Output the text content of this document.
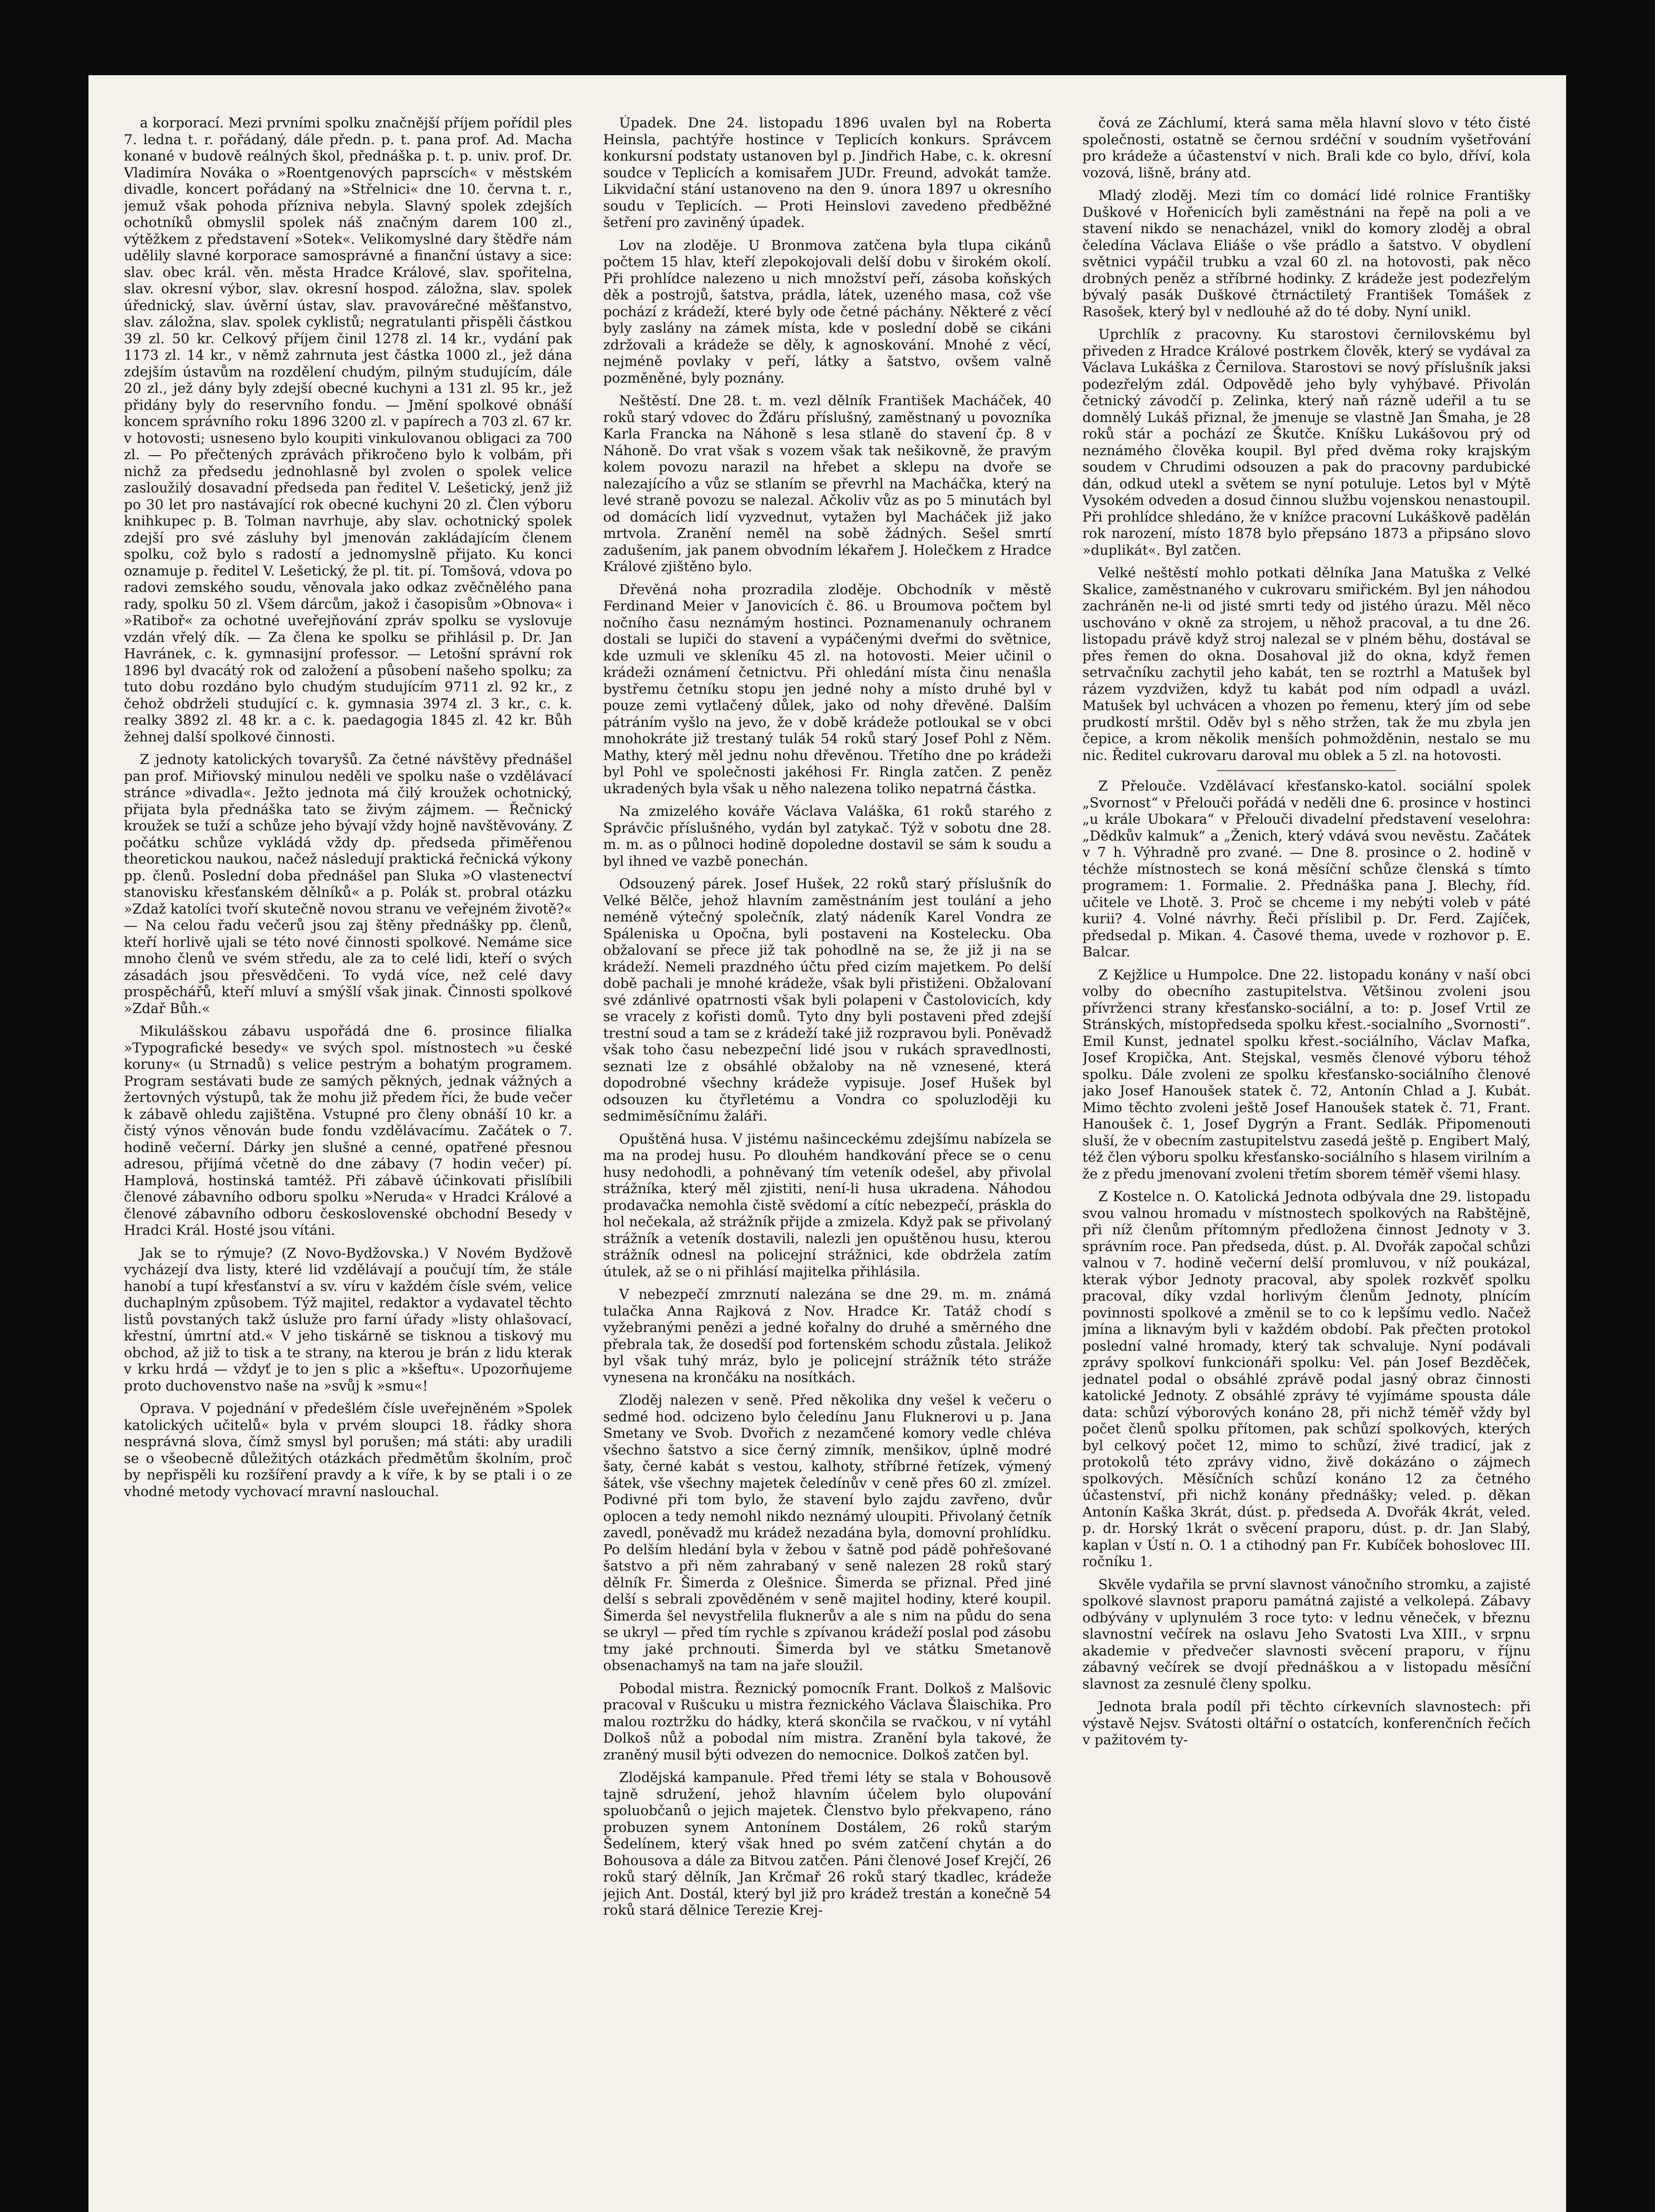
a korporací. Mezi prvními spolku značnější příjem pořídil ples 7. ledna t. r. pořádaný, dále předn. p. t. pana prof. Ad. Macha konané v budově reálných škol, přednáška p. t. p. univ. prof. Dr. Vladimíra Nováka o »Roentgenových paprscích« v městském divadle, koncert pořádaný na »Střelnici« dne 10. června t. r., jemuž však pohoda přízniva nebyla. Slavný spolek zdejších ochotníků obmyslil spolek náš značným darem 100 zl., výtěžkem z představení »Sotek«. Velikomyslné dary štědře nám udělily slavné korporace samosprávné a finanční ústavy a sice: slav. obec král. věn. města Hradce Králové, slav. spořitelna, slav. okresní výbor, slav. okresní hospod. záložna, slav. spolek úřednický, slav. úvěrní ústav, slav. pravovárečné měšťanstvo, slav. záložna, slav. spolek cyklistů; negratulanti přispěli částkou 39 zl. 50 kr. Celkový příjem činil 1278 zl. 14 kr., vydání pak 1173 zl. 14 kr., v němž zahrnuta jest částka 1000 zl., jež dána zdejším ústavům na rozdělení chudým, pilným studujícím, dále 20 zl., jež dány byly zdejší obecné kuchyni a 131 zl. 95 kr., jež přidány byly do reservního fondu. — Jmění spolkové obnáší koncem správního roku 1896 3200 zl. v papírech a 703 zl. 67 kr. v hotovosti; usneseno bylo koupiti vinkulovanou obligaci za 700 zl. — Po přečtených zprávách přikročeno bylo k volbám, při nichž za předsedu jednohlasně byl zvolen o spolek velice zasloužilý dosavadní předseda pan ředitel V. Lešetický, jenž již po 30 let pro nastávající rok obecné kuchyni 20 zl. Člen výboru knihkupec p. B. Tolman navrhuje, aby slav. ochotnický spolek zdejší pro své zásluhy byl jmenován zakládajícím členem spolku, což bylo s radostí a jednomyslně přijato. Ku konci oznamuje p. ředitel V. Lešetický, že pl. tit. pí. Tomšová, vdova po radovi zemského soudu, věnovala jako odkaz zvěčnělého pana rady, spolku 50 zl. Všem dárcům, jakož i časopisům »Obnova« i »Ratiboř« za ochotné uveřejňování zpráv spolku se vyslovuje vzdán vřelý dík. — Za člena ke spolku se přihlásil p. Dr. Jan Havránek, c. k. gymnasijní professor. — Letošní správní rok 1896 byl dvacátý rok od založení a působení našeho spolku; za tuto dobu rozdáno bylo chudým studujícím 9711 zl. 92 kr., z čehož obdrželi studující c. k. gymnasia 3974 zl. 3 kr., c. k. realky 3892 zl. 48 kr. a c. k. paedagogia 1845 zl. 42 kr. Bůh žehnej další spolkové činnosti.

Z jednoty katolických tovaryšů. Za četné návštěvy přednášel pan prof. Miřiovský minulou neděli ve spolku naše o vzdělávací stránce »divadla«. Ježto jednota má čilý kroužek ochotnický, přijata byla přednáška tato se živým zájmem. — Řečnický kroužek se tuží a schůze jeho bývají vždy hojně navštěvovány. Z počátku schůze vykládá vždy dp. předseda přiměřenou theoretickou naukou, načež následují praktická řečnická výkony pp. členů. Poslední doba přednášel pan Sluka »O vlastenectví stanovisku křesťanském dělníků« a p. Polák st. probral otázku »Zdaž katolíci tvoří skutečně novou stranu ve veřejném životě?« — Na celou řadu večerů jsou zaj štěny přednášky pp. členů, kteří horlivě ujali se této nové činnosti spolkové. Nemáme sice mnoho členů ve svém středu, ale za to celé lidi, kteří o svých zásadách jsou přesvědčeni. To vydá více, než celé davy prospěchářů, kteří mluví a smýšlí však jinak. Činnosti spolkové »Zdař Bůh.«

Mikulášskou zábavu uspořádá dne 6. prosince filialka »Typografické besedy« ve svých spol. místnostech »u české koruny« (u Strnadů) s velice pestrým a bohatým programem. Program sestávati bude ze samých pěkných, jednak vážných a žertovných výstupů, tak že mohu již předem říci, že bude večer k zábavě ohledu zajištěna. Vstupné pro členy obnáší 10 kr. a čistý výnos věnován bude fondu vzdělávacímu. Začátek o 7. hodině večerní. Dárky jen slušné a cenné, opatřené přesnou adresou, přijímá včetně do dne zábavy (7 hodin večer) pí. Hamplová, hostinská tamtéž. Při zábavě účinkovati přislíbili členové zábavního odboru spolku »Neruda« v Hradci Králové a členové zábavního odboru československé obchodní Besedy v Hradci Král. Hosté jsou vítáni.

Jak se to rýmuje? (Z Novo-Bydžovska.) V Novém Bydžově vycházejí dva listy, které lid vzdělávají a poučují tím, že stále hanobí a tupí křesťanství a sv. víru v každém čísle svém, velice duchaplným způsobem. Týž majitel, redaktor a vydavatel těchto listů povstaných takž úsluže pro farní úřady »listy ohlašovací, křestní, úmrtní atd.« V jeho tiskárně se tisknou a tiskový mu obchod, až již to tisk a te strany, na kterou je brán z lidu kterak v krku hrdá — vždyť je to jen s plic a »kšeftu«. Upozorňujeme proto duchovenstvo naše na »svůj k »smu«!

Oprava. V pojednání v předešlém čísle uveřejněném »Spolek katolických učitelů« byla v prvém sloupci 18. řádky shora nesprávná slova, čímž smysl byl porušen; má státi: aby uradili se o všeobecně důležitých otázkách předmětům školním, proč by nepřispěli ku rozšíření pravdy a k víře, k by se ptali i o ze vhodné metody vychovací mravní naslouchal.

Úpadek. Dne 24. listopadu 1896 uvalen byl na Roberta Heinsla, pachtýře hostince v Teplicích konkurs. Správcem konkursní podstaty ustanoven byl p. Jindřich Habe, c. k. okresní soudce v Teplicích a komisařem JUDr. Freund, advokát tamže. Likvidační stání ustanoveno na den 9. února 1897 u okresního soudu v Teplicích. — Proti Heinslovi zavedeno předběžné šetření pro zaviněný úpadek.

Lov na zloděje. U Bronmova zatčena byla tlupa cikánů počtem 15 hlav, kteří zlepokojovali delší dobu v širokém okolí. Při prohlídce nalezeno u nich množství peří, zásoba koňských děk a postrojů, šatstva, prádla, látek, uzeného masa, což vše pochází z krádeží, které byly ode četné páchány. Některé z věcí byly zaslány na zámek místa, kde v poslední době se cikáni zdržovali a krádeže se děly, k agnoskování. Mnohé z věcí, nejméně povlaky v peří, látky a šatstvo, ovšem valně pozměněné, byly poznány.

Neštěstí. Dne 28. t. m. vezl dělník František Macháček, 40 roků starý vdovec do Žďáru příslušný, zaměstnaný u povozníka Karla Francka na Náhoně s lesa stlaně do stavení čp. 8 v Náhoně. Do vrat však s vozem však tak nešikovně, že pravým kolem povozu narazil na hřebet a sklepu na dvoře se nalezajícího a vůz se stlaním se převrhl na Macháčka, který na levé straně povozu se nalezal. Ačkoliv vůz as po 5 minutách byl od domácích lidí vyzvednut, vytažen byl Macháček již jako mrtvola. Zranění neměl na sobě žádných. Sešel smrtí zadušením, jak panem obvodním lékařem J. Holečkem z Hradce Králové zjištěno bylo.

Dřevěná noha prozradila zloděje. Obchodník v městě Ferdinand Meier v Janovicích č. 86. u Broumova počtem byl nočního času neznámým hostinci. Poznamenanuly ochranem dostali se lupiči do stavení a vypáčenými dveřmi do světnice, kde uzmuli ve skleníku 45 zl. na hotovosti. Meier učinil o krádeži oznámení četnictvu. Při ohledání místa činu nenašla bystřemu četníku stopu jen jedné nohy a místo druhé byl v pouze zemi vytlačený důlek, jako od nohy dřevěné. Dalším pátráním vyšlo na jevo, že v době krádeže potloukal se v obci mnohokráte již trestaný tulák 54 roků starý Josef Pohl z Něm. Mathy, který měl jednu nohu dřevěnou. Třetího dne po krádeži byl Pohl ve společnosti jakéhosi Fr. Ringla zatčen. Z peněz ukradených byla však u něho nalezena toliko nepatrná částka.

Na zmizelého kováře Václava Valáška, 61 roků starého z Správčic příslušného, vydán byl zatykač. Týž v sobotu dne 28. m. m. as o půlnoci hodině dopoledne dostavil se sám k soudu a byl ihned ve vazbě ponechán.

Odsouzený párek. Josef Hušek, 22 roků starý příslušník do Velké Bělče, jehož hlavním zaměstnáním jest toulání a jeho neméně výtečný společník, zlatý nádeník Karel Vondra ze Spáleniska u Opočna, byli postaveni na Kostelecku. Oba obžalovaní se přece již tak pohodlně na se, že již ji na se krádeží. Nemeli prazdného účtu před cizím majetkem. Po delší době pachali je mnohé krádeže, však byli přistiženi. Obžalovaní své zdánlivé opatrnosti však byli polapeni v Častolovicích, kdy se vracely z kořisti domů. Tyto dny byli postaveni před zdejší trestní soud a tam se z krádeží také již rozpravou byli. Poněvadž však toho času nebezpeční lidé jsou v rukách spravedlnosti, seznati lze z obsáhlé obžaloby na ně vznesené, která dopodrobné všechny krádeže vypisuje. Josef Hušek byl odsouzen ku čtyřletému a Vondra co spoluzloději ku sedmiměsíčnímu žaláři.

Opuštěná husa. V jistému našinceckému zdejšímu nabízela se ma na prodej husu. Po dlouhém handkování přece se o cenu husy nedohodli, a pohněvaný tím veteník odešel, aby přivolal strážníka, který měl zjistiti, není-li husa ukradena. Náhodou prodavačka nemohla čistě svědomí a cítíc nebezpečí, práskla do hol nečekala, až strážník přijde a zmizela. Když pak se přivolaný strážník a veteník dostavili, nalezli jen opuštěnou husu, kterou strážník odnesl na policejní strážnici, kde obdržela zatím útulek, až se o ni přihlásí majitelka přihlásila.

V nebezpečí zmrznutí nalezána se dne 29. m. m. známá tulačka Anna Rajková z Nov. Hradce Kr. Tatáž chodí s vyžebranými penězi a jedné kořalny do druhé a směrného dne přebrala tak, že dosedší pod fortenském schodu zůstala. Jelikož byl však tuhý mráz, bylo je policejní strážník této stráže vynesena na krončáku na nosítkách.

Zloděj nalezen v seně. Před několika dny vešel k večeru o sedmé hod. odcizeno bylo čeledínu Janu Fluknerovi u p. Jana Smetany ve Svob. Dvořich z nezamčené komory vedle chléva všechno šatstvo a sice černý zimník, menšikov, úplně modré šaty, černé kabát s vestou, kalhoty, stříbrné řetízek, výmený šátek, vše všechny majetek čeledínův v ceně přes 60 zl. zmízel. Podivné při tom bylo, že stavení bylo zajdu zavřeno, dvůr oplocen a tedy nemohl nikdo neznámý uloupiti. Přivolaný četník zavedl, poněvadž mu krádež nezadána byla, domovní prohlídku. Po delším hledání byla v žebou v šatně pod pádě pohřešované šatstvo a při něm zahrabaný v seně nalezen 28 roků starý dělník Fr. Šimerda z Olešnice. Šimerda se přiznal. Před jiné delší s sebrali zpověděném v seně majitel hodiny, které koupil. Šimerda šel nevystřelila fluknerův a ale s nim na půdu do sena se ukryl — před tím rychle s zpívanou krádeží poslal pod zásobu tmy jaké prchnouti. Šimerda byl ve státku Smetanově obsenachamyš na tam na jaře sloužil.

Pobodal mistra. Řeznický pomocník Frant. Dolkoš z Malšovic pracoval v Rušcuku u mistra řeznického Václava Šlaischika. Pro malou roztržku do hádky, která skončila se rvačkou, v ní vytáhl Dolkoš nůž a pobodal ním mistra. Zranění byla takové, že zraněný musil býti odvezen do nemocnice. Dolkoš zatčen byl.

Zlodějská kampanule. Před třemi léty se stala v Bohousově tajně sdružení, jehož hlavním účelem bylo olupování spoluobčanů o jejich majetek. Členstvo bylo překvapeno, ráno probuzen synem Antonínem Dostálem, 26 roků starým Šedelínem, který však hned po svém zatčení chytán a do Bohousova a dále za Bitvou zatčen. Páni členové Josef Krejčí, 26 roků starý dělník, Jan Krčmař 26 roků starý tkadlec, krádeže jejich Ant. Dostál, který byl již pro krádež trestán a konečně 54 roků stará dělnice Terezie Krej-

čová ze Záchlumí, která sama měla hlavní slovo v této čisté společnosti, ostatně se černou srdéční v soudním vyšetřování pro krádeže a účastenství v nich. Brali kde co bylo, dříví, kola vozová, lišně, brány atd.

Mladý zloděj. Mezi tím co domácí lidé rolnice Františky Duškové v Hořenicích byli zaměstnáni na řepě na poli a ve stavení nikdo se nenacházel, vnikl do komory zloděj a obral čeledína Václava Eliáše o vše prádlo a šatstvo. V obydlení světnici vypáčil trubku a vzal 60 zl. na hotovosti, pak něco drobných peněz a stříbrné hodinky. Z krádeže jest podezřelým bývalý pasák Duškové čtrnáctiletý František Tomášek z Rasošek, který byl v nedlouhé až do té doby. Nyní unikl.

Uprchlík z pracovny. Ku starostovi černilovskému byl přiveden z Hradce Králové postrkem člověk, který se vydával za Václava Lukáška z Černilova. Starostovi se nový příslušník jaksi podezřelým zdál. Odpovědě jeho byly vyhýbavé. Přivolán četnický závodčí p. Zelinka, který naň rázně udeřil a tu se domnělý Lukáš přiznal, že jmenuje se vlastně Jan Šmaha, je 28 roků stár a pochází ze Škutče. Kníšku Lukášovou prý od neznámého člověka koupil. Byl před dvěma roky krajským soudem v Chrudimi odsouzen a pak do pracovny pardubické dán, odkud utekl a světem se nyní potuluje. Letos byl v Mýtě Vysokém odveden a dosud činnou službu vojenskou nenastoupil. Při prohlídce shledáno, že v knížce pracovní Lukáškově padělán rok narození, místo 1878 bylo přepsáno 1873 a připsáno slovo »duplikát«. Byl zatčen.

Velké neštěstí mohlo potkati dělníka Jana Matuška z Velké Skalice, zaměstnaného v cukrovaru smiřickém. Byl jen náhodou zachráněn ne-li od jisté smrti tedy od jistého úrazu. Měl něco uschováno v okně za strojem, u něhož pracoval, a tu dne 26. listopadu právě když stroj nalezal se v plném běhu, dostával se přes řemen do okna. Dosahoval již do okna, když řemen setrvačníku zachytil jeho kabát, ten se roztrhl a Matušek byl rázem vyzdvižen, když tu kabát pod ním odpadl a uvázl. Matušek byl uchvácen a vhozen po řemenu, který jím od sebe prudkostí mrštil. Oděv byl s něho stržen, tak že mu zbyla jen čepice, a krom několik menších pohmožděnin, nestalo se mu nic. Ředitel cukrovaru daroval mu oblek a 5 zl. na hotovosti.

Z Přelouče. Vzdělávací křesťansko-katol. sociální spolek „Svornost“ v Přelouči pořádá v neděli dne 6. prosince v hostinci „u krále Ubokara“ v Přelouči divadelní představení veselohra: „Dědkův kalmuk“ a „Ženich, který vdává svou nevěstu. Začátek v 7 h. Výhradně pro zvané. — Dne 8. prosince o 2. hodině v téchže místnostech se koná měsíční schůze členská s tímto programem: 1. Formalie. 2. Přednáška pana J. Blechy, říd. učitele ve Lhotě. 3. Proč se chceme i my nebýti voleb v páté kurii? 4. Volné návrhy. Řeči příslibil p. Dr. Ferd. Zajíček, předsedal p. Mikan. 4. Časové thema, uvede v rozhovor p. E. Balcar.

Z Kejžlice u Humpolce. Dne 22. listopadu konány v naší obci volby do obecního zastupitelstva. Většinou zvoleni jsou přívrženci strany křesťansko-sociální, a to: p. Josef Vrtil ze Stránských, místopředseda spolku křest.-socialního „Svornosti“. Emil Kunst, jednatel spolku křest.-sociálního, Václav Mafka, Josef Kropička, Ant. Stejskal, vesměs členové výboru téhož spolku. Dále zvoleni ze spolku křesťansko-sociálního členové jako Josef Hanoušek statek č. 72, Antonín Chlad a J. Kubát. Mimo těchto zvoleni ještě Josef Hanoušek statek č. 71, Frant. Hanoušek č. 1, Josef Dygrýn a Frant. Sedlák. Připomenouti sluší, že v obecním zastupitelstvu zasedá ještě p. Engibert Malý, též člen výboru spolku křesťansko-sociálního s hlasem virilním a že z předu jmenovaní zvoleni třetím sborem téměř všemi hlasy.

Z Kostelce n. O. Katolická Jednota odbývala dne 29. listopadu svou valnou hromadu v místnostech spolkových na Rabštějně, při níž členům přítomným předložena činnost Jednoty v 3. správním roce. Pan předseda, dúst. p. Al. Dvořák započal schůzi valnou v 7. hodině večerní delší promluvou, v níž poukázal, kterak výbor Jednoty pracoval, aby spolek rozkvěť spolku pracoval, díky vzdal horlivým členům Jednoty, plnícím povinnosti spolkové a změnil se to co k lepšímu vedlo. Načež jmína a liknavým byli v každém období. Pak přečten protokol poslední valné hromady, který tak schvaluje. Nyní podávali zprávy spolkoví funkcionáři spolku: Vel. pán Josef Bezděček, jednatel podal o obsáhlé zprávě podal jasný obraz činnosti katolické Jednoty. Z obsáhlé zprávy té vyjímáme spousta dále data: schůzí výborových konáno 28, při nichž téměř vždy byl počet členů spolku přítomen, pak schůzí spolkových, kterých byl celkový počet 12, mimo to schůzí, živé tradicí, jak z protokolů této zprávy vidno, živě dokázáno o zájmech spolkových. Měsíčních schůzí konáno 12 za četného účastenství, při nichž konány přednášky; veled. p. děkan Antonín Kaška 3krát, dúst. p. předseda A. Dvořák 4krát, veled. p. dr. Horský 1krát o svěcení praporu, dúst. p. dr. Jan Slabý, kaplan v Ústí n. O. 1 a ctihodný pan Fr. Kubíček bohoslovec III. ročníku 1.

Skvěle vydařila se první slavnost vánočního stromku, a zajisté spolkové slavnost praporu památná zajisté a velkolepá. Zábavy odbývány v uplynulém 3 roce tyto: v lednu věneček, v březnu slavnostní večírek na oslavu Jeho Svatosti Lva XIII., v srpnu akademie v předvečer slavnosti svěcení praporu, v říjnu zábavný večírek se dvojí přednáškou a v listopadu měsíční slavnost za zesnulé členy spolku.

Jednota brala podíl při těchto církevních slavnostech: při výstavě Nejsv. Svátosti oltářní o ostatcích, konferenčních řečích v pažitovém ty-
